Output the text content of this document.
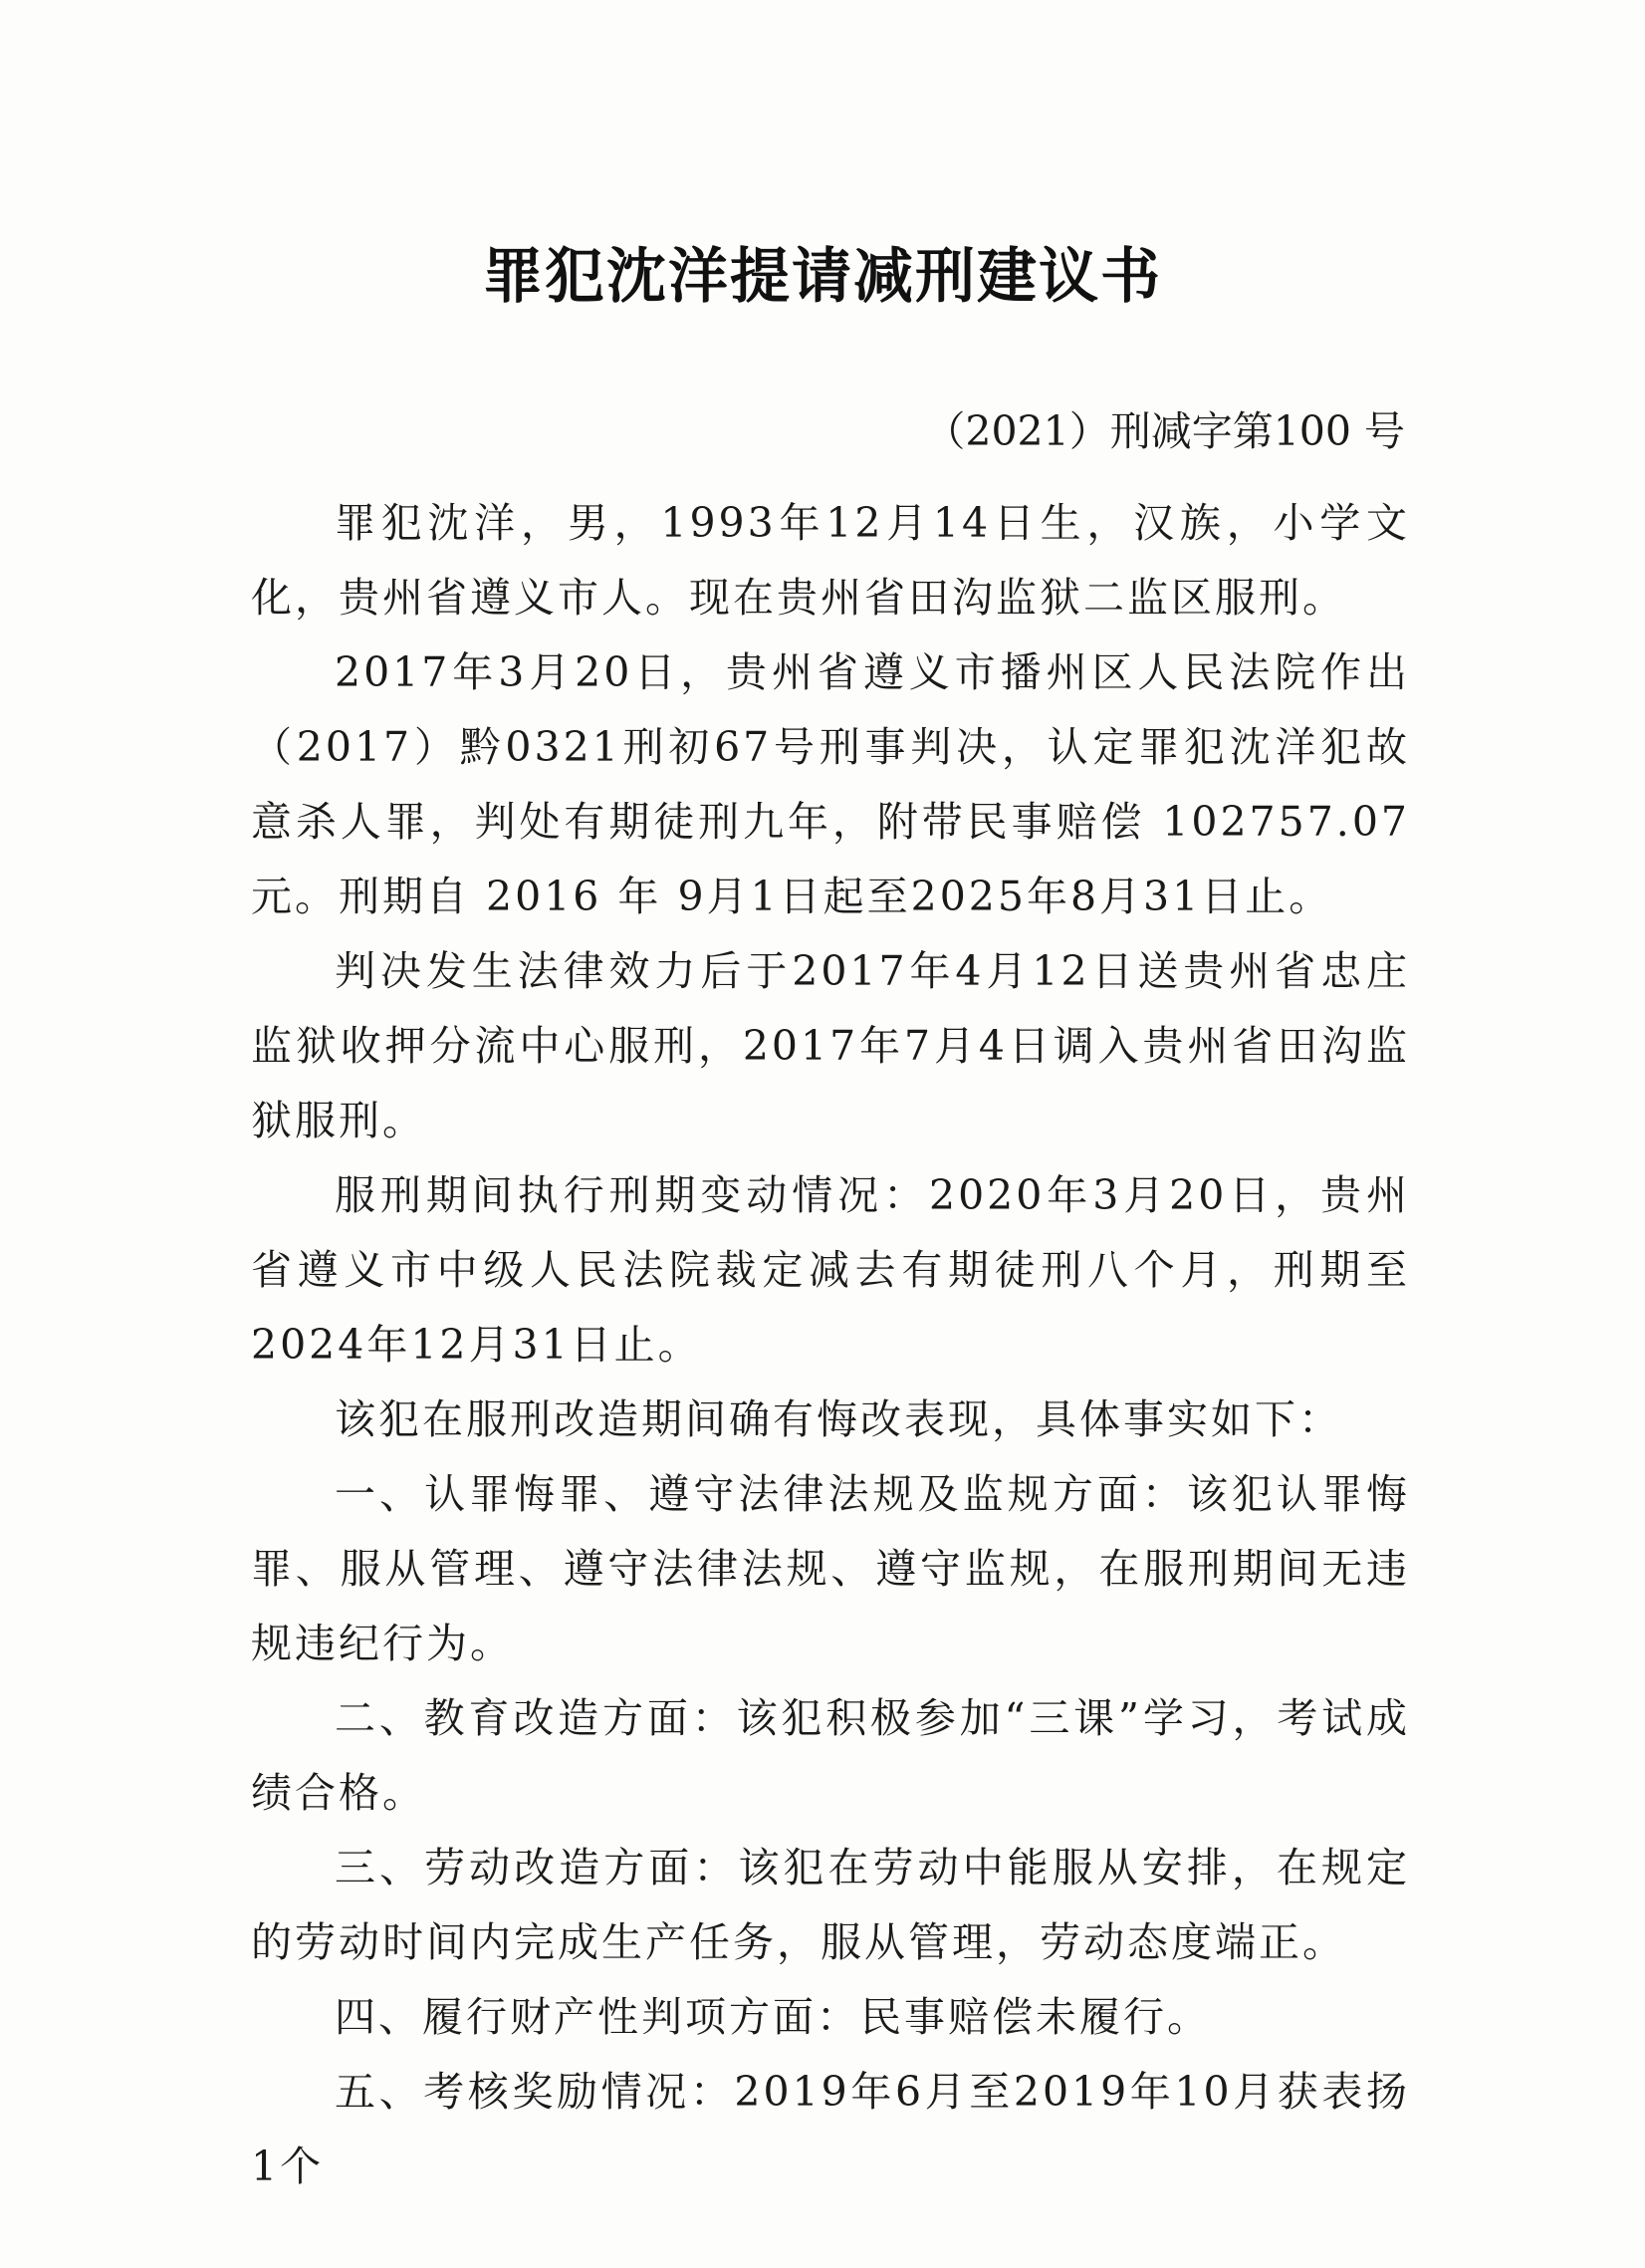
罪犯沈洋提请减刑建议书
（2021）刑减字第100 号

罪犯沈洋，男，1993年12月14日生，汉族，小学文化，贵州省遵义市人。现在贵州省田沟监狱二监区服刑。

2017年3月20日，贵州省遵义市播州区人民法院作出（2017）黔0321刑初67号刑事判决，认定罪犯沈洋犯故意杀人罪，判处有期徒刑九年，附带民事赔偿 102757.07 元。刑期自 2016 年 9月1日起至2025年8月31日止。

判决发生法律效力后于2017年4月12日送贵州省忠庄监狱收押分流中心服刑，2017年7月4日调入贵州省田沟监狱服刑。

服刑期间执行刑期变动情况：2020年3月20日，贵州省遵义市中级人民法院裁定减去有期徒刑八个月，刑期至2024年12月31日止。

该犯在服刑改造期间确有悔改表现，具体事实如下：

一、认罪悔罪、遵守法律法规及监规方面：该犯认罪悔罪、服从管理、遵守法律法规、遵守监规，在服刑期间无违规违纪行为。

二、教育改造方面：该犯积极参加“三课”学习，考试成绩合格。

三、劳动改造方面：该犯在劳动中能服从安排，在规定的劳动时间内完成生产任务，服从管理，劳动态度端正。

四、履行财产性判项方面：民事赔偿未履行。

五、考核奖励情况：2019年6月至2019年10月获表扬1个
